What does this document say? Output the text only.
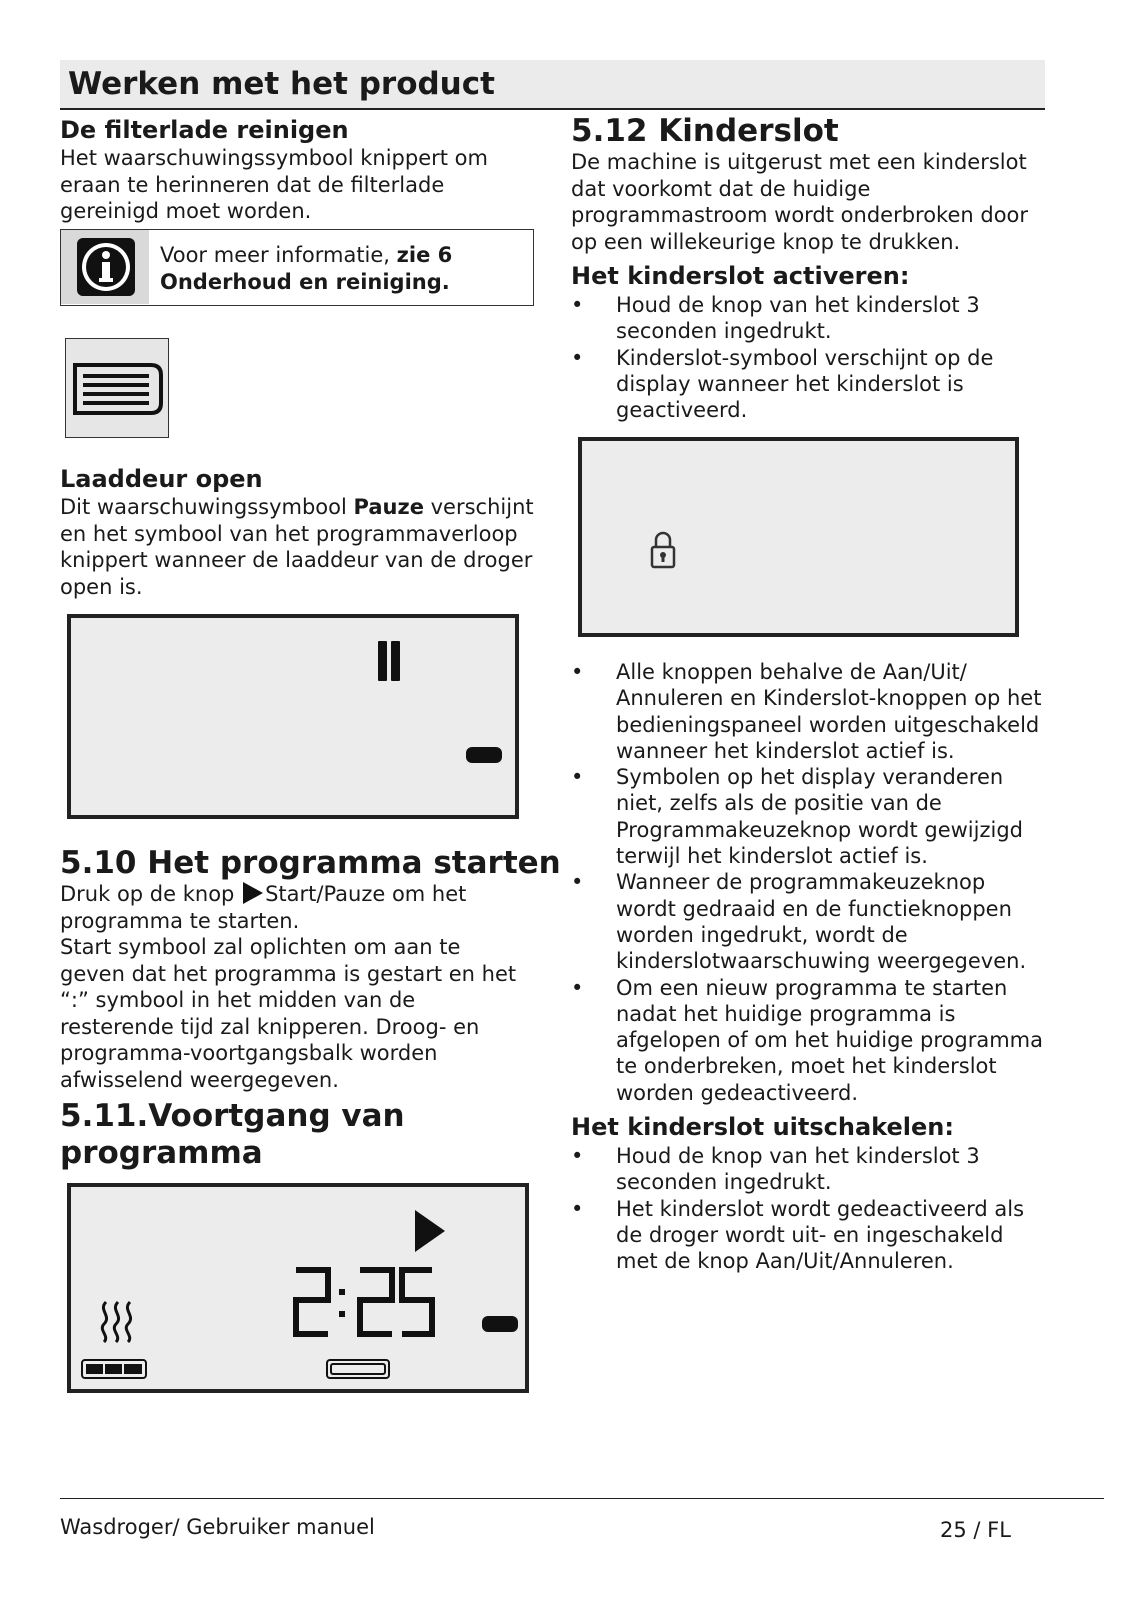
Werken met het product
De filterlade reinigen
Het waarschuwingssymbool knippert om eraan te herinneren dat de filterlade gereinigd moet worden.
Voor meer informatie, zie 6 Onderhoud en reiniging.
Laaddeur open
Dit waarschuwingssymbool Pauze verschijnt en het symbool van het programmaverloop knippert wanneer de laaddeur van de droger open is.
5.10 Het programma starten
Druk op de knop Start/Pauze om het programma te starten.
Start symbool zal oplichten om aan te geven dat het programma is gestart en het “:” symbool in het midden van de resterende tijd zal knipperen. Droog- en programma-voortgangsbalk worden afwisselend weergegeven.
5.11.Voortgang van
programma
5.12 Kinderslot
De machine is uitgerust met een kinderslot dat voorkomt dat de huidige programmastroom wordt onderbroken door op een willekeurige knop te drukken.
Het kinderslot activeren:
• Houd de knop van het kinderslot 3 seconden ingedrukt.
• Kinderslot-symbool verschijnt op de display wanneer het kinderslot is geactiveerd.
• Alle knoppen behalve de Aan/Uit/ Annuleren en Kinderslot-knoppen op het bedieningspaneel worden uitgeschakeld wanneer het kinderslot actief is.
• Symbolen op het display veranderen niet, zelfs als de positie van de Programmakeuzeknop wordt gewijzigd terwijl het kinderslot actief is.
• Wanneer de programmakeuzeknop wordt gedraaid en de functieknoppen worden ingedrukt, wordt de kinderslotwaarschuwing weergegeven.
• Om een nieuw programma te starten nadat het huidige programma is afgelopen of om het huidige programma te onderbreken, moet het kinderslot worden gedeactiveerd.
Het kinderslot uitschakelen:
• Houd de knop van het kinderslot 3 seconden ingedrukt.
• Het kinderslot wordt gedeactiveerd als de droger wordt uit- en ingeschakeld met de knop Aan/Uit/Annuleren.
Wasdroger/ Gebruiker manuel	25 / FL
